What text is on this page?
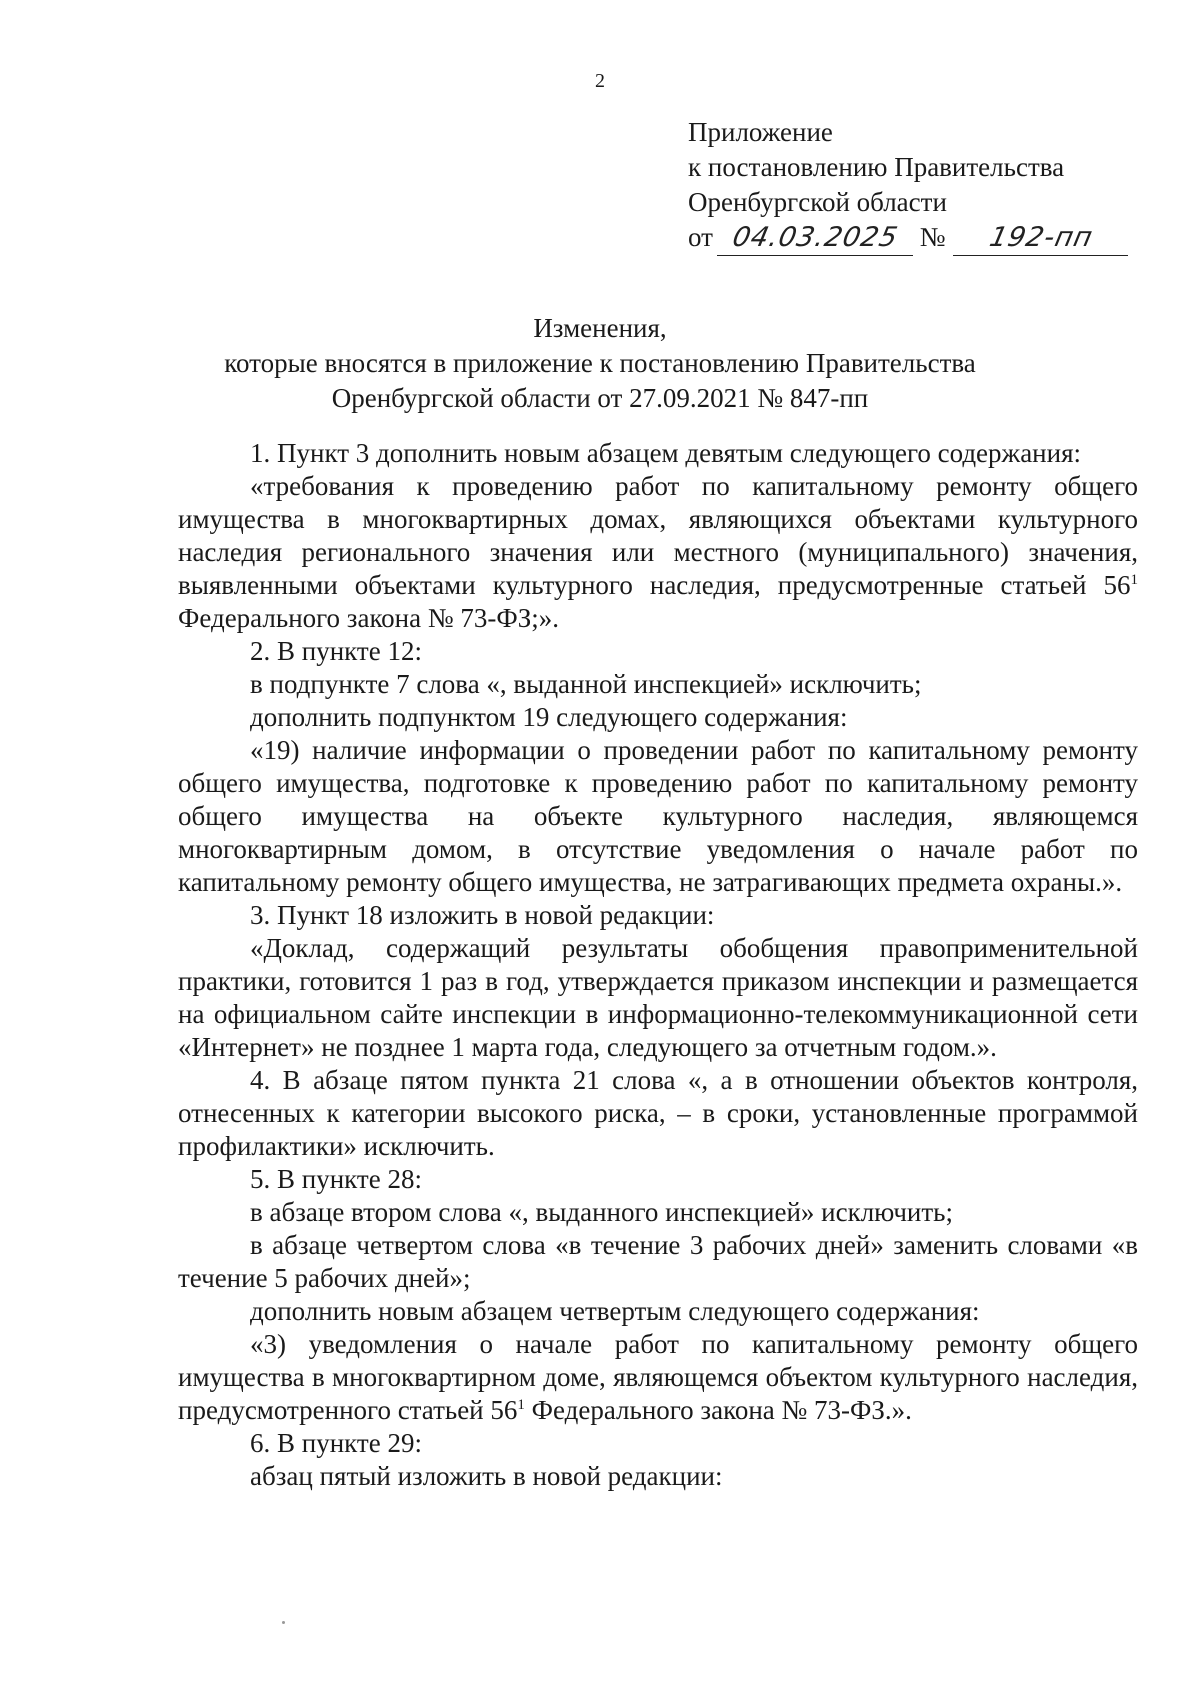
2
Приложение
к постановлению Правительства
Оренбургской области
от 04.03.2025 № 192-пп
Изменения,
которые вносятся в приложение к постановлению Правительства
Оренбургской области от 27.09.2021 № 847-пп

1. Пункт 3 дополнить новым абзацем девятым следующего содержания:

«требования к проведению работ по капитальному ремонту общего имущества в многоквартирных домах, являющихся объектами культурного наследия регионального значения или местного (муниципального) значения, выявленными объектами культурного наследия, предусмотренные статьей $56^1$ Федерального закона № 73-ФЗ;».

2. В пункте 12:

в подпункте 7 слова «, выданной инспекцией» исключить;

дополнить подпунктом 19 следующего содержания:

«19) наличие информации о проведении работ по капитальному ремонту общего имущества, подготовке к проведению работ по капитальному ремонту общего имущества на объекте культурного наследия, являющемся многоквартирным домом, в отсутствие уведомления о начале работ по капитальному ремонту общего имущества, не затрагивающих предмета охраны.».

3. Пункт 18 изложить в новой редакции:

«Доклад, содержащий результаты обобщения правоприменительной практики, готовится 1 раз в год, утверждается приказом инспекции и размещается на официальном сайте инспекции в информационно-телекоммуникационной сети «Интернет» не позднее 1 марта года, следующего за отчетным годом.».

4. В абзаце пятом пункта 21 слова «, а в отношении объектов контроля, отнесенных к категории высокого риска, – в сроки, установленные программой профилактики» исключить.

5. В пункте 28:

в абзаце втором слова «, выданного инспекцией» исключить;

в абзаце четвертом слова «в течение 3 рабочих дней» заменить словами «в течение 5 рабочих дней»;

дополнить новым абзацем четвертым следующего содержания:

«3) уведомления о начале работ по капитальному ремонту общего имущества в многоквартирном доме, являющемся объектом культурного наследия, предусмотренного статьей $56^1$ Федерального закона № 73-ФЗ.».

6. В пункте 29:

абзац пятый изложить в новой редакции:
